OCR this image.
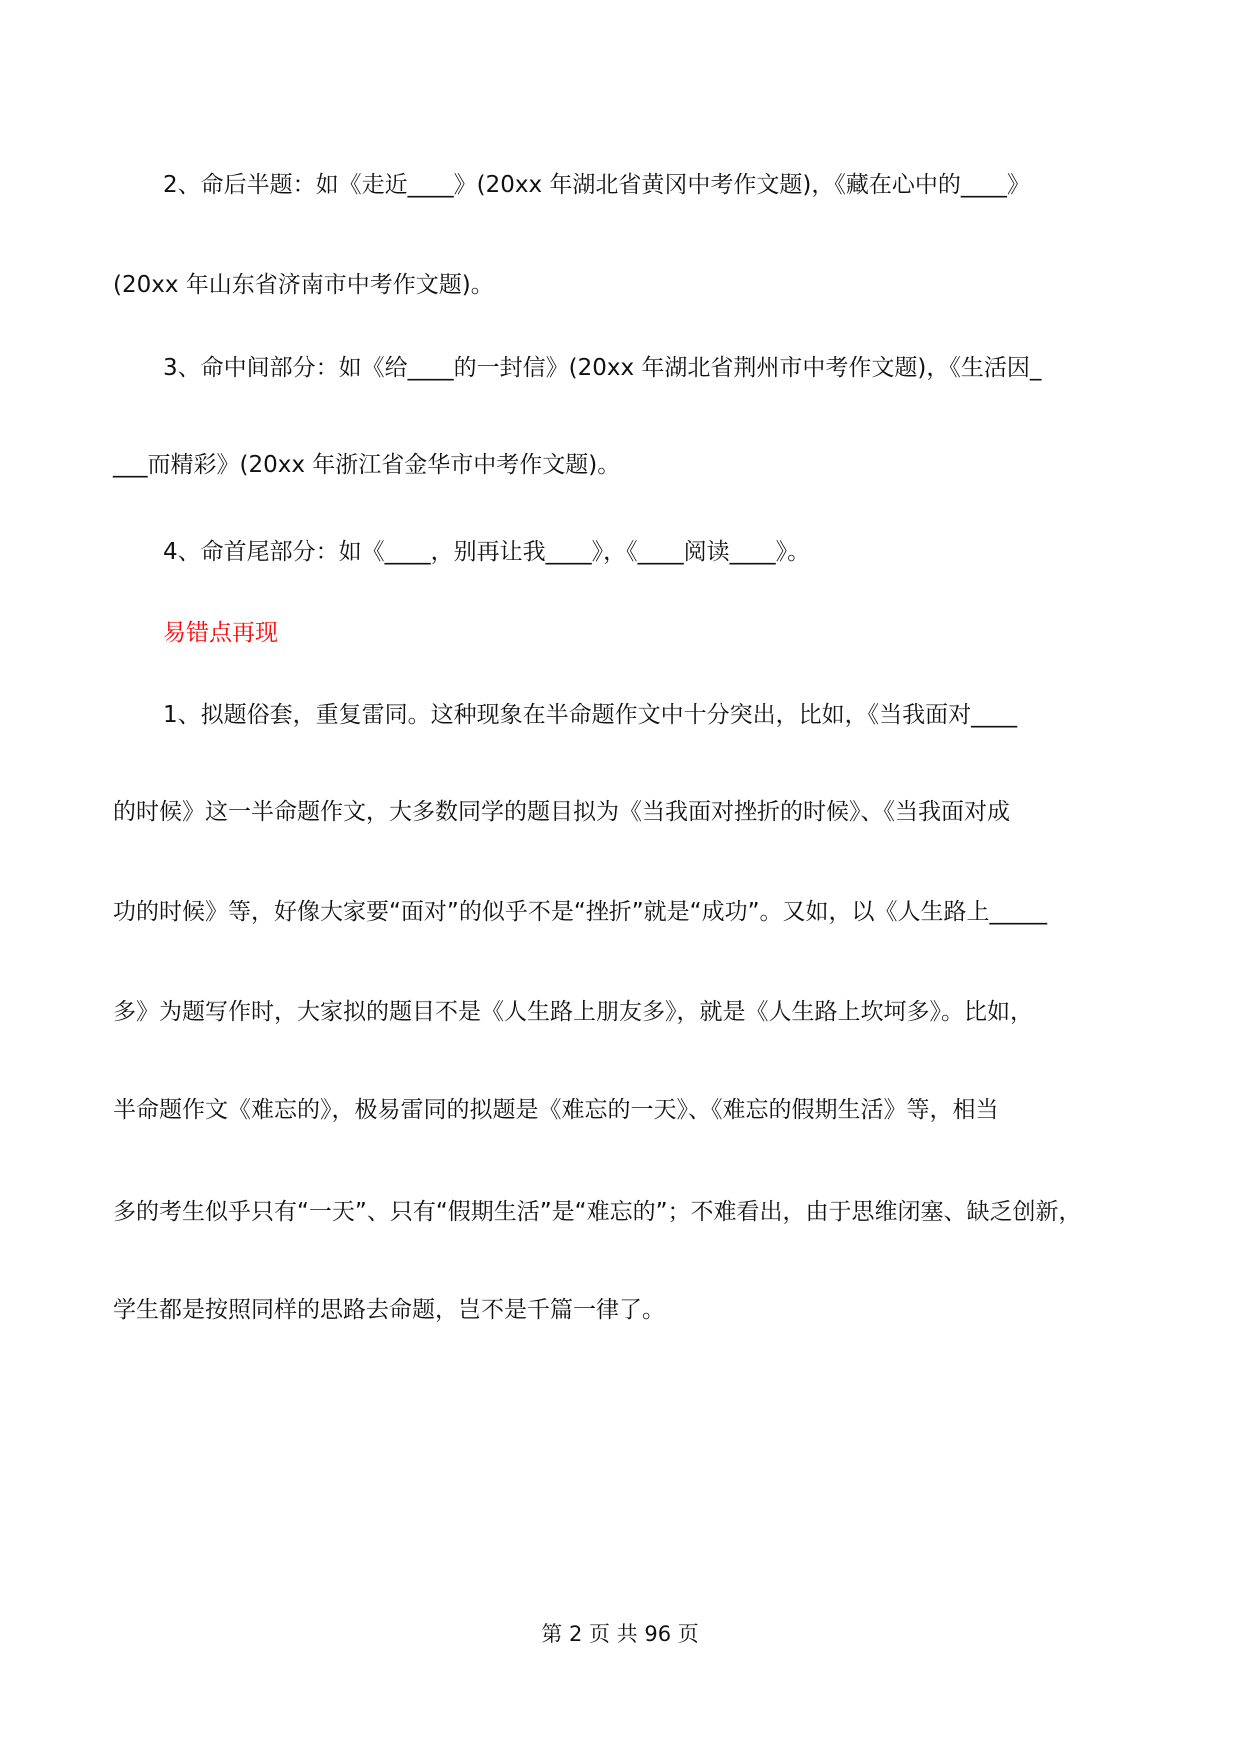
2、命后半题：如《走近____》(20xx 年湖北省黄冈中考作文题)，《藏在心中的____》
(20xx 年山东省济南市中考作文题)。
3、命中间部分：如《给____的一封信》(20xx 年湖北省荆州市中考作文题)，《生活因_
___而精彩》(20xx 年浙江省金华市中考作文题)。
4、命首尾部分：如《____，别再让我____》，《____阅读____》。
易错点再现
1、拟题俗套，重复雷同。这种现象在半命题作文中十分突出，比如，《当我面对____
的时候》这一半命题作文，大多数同学的题目拟为《当我面对挫折的时候》、《当我面对成
功的时候》等，好像大家要“面对”的似乎不是“挫折”就是“成功”。又如，以《人生路上_____
多》为题写作时，大家拟的题目不是《人生路上朋友多》，就是《人生路上坎坷多》。比如，
半命题作文《难忘的》，极易雷同的拟题是《难忘的一天》、《难忘的假期生活》等，相当
多的考生似乎只有“一天”、只有“假期生活”是“难忘的”；不难看出，由于思维闭塞、缺乏创新，
学生都是按照同样的思路去命题，岂不是千篇一律了。
第 2 页 共 96 页
